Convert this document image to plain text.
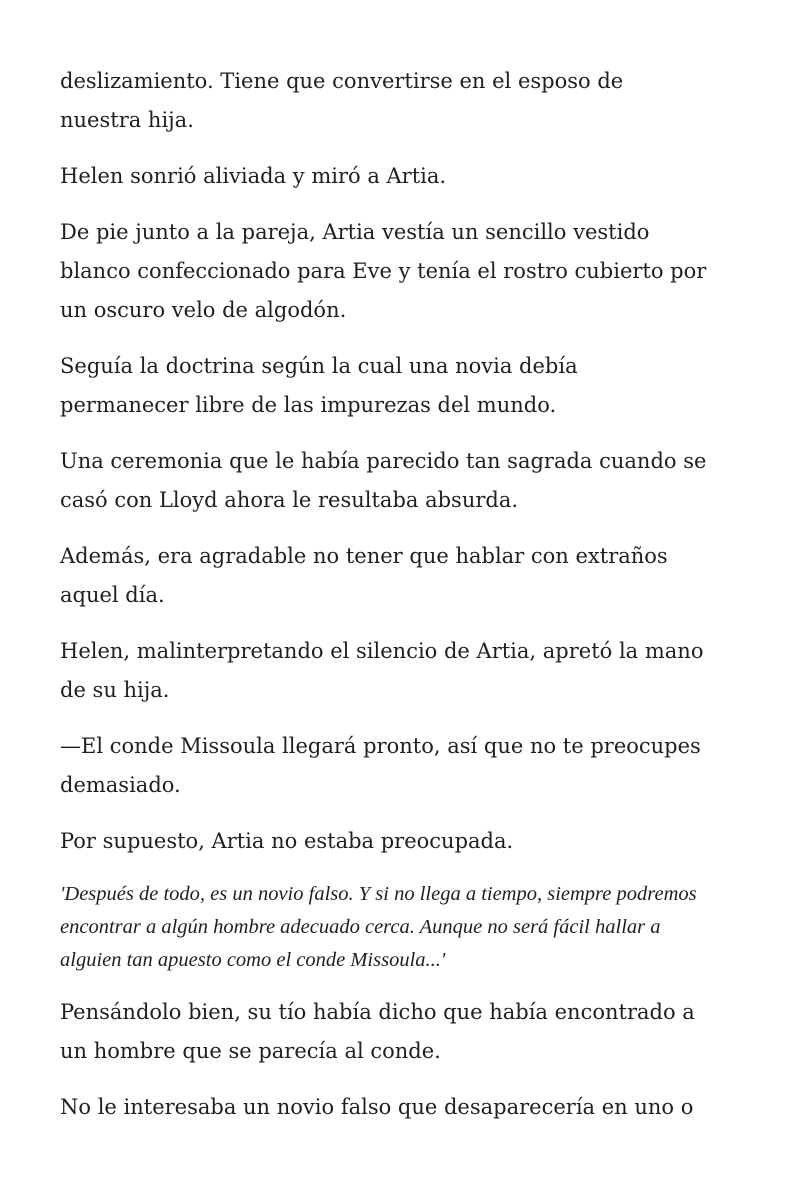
deslizamiento. Tiene que convertirse en el esposo de
nuestra hija.

Helen sonrió aliviada y miró a Artia.

De pie junto a la pareja, Artia vestía un sencillo vestido
blanco confeccionado para Eve y tenía el rostro cubierto por
un oscuro velo de algodón.

Seguía la doctrina según la cual una novia debía
permanecer libre de las impurezas del mundo.

Una ceremonia que le había parecido tan sagrada cuando se
casó con Lloyd ahora le resultaba absurda.

Además, era agradable no tener que hablar con extraños
aquel día.

Helen, malinterpretando el silencio de Artia, apretó la mano
de su hija.

—El conde Missoula llegará pronto, así que no te preocupes
demasiado.

Por supuesto, Artia no estaba preocupada.

'Después de todo, es un novio falso. Y si no llega a tiempo, siempre podremos
encontrar a algún hombre adecuado cerca. Aunque no será fácil hallar a
alguien tan apuesto como el conde Missoula...'

Pensándolo bien, su tío había dicho que había encontrado a
un hombre que se parecía al conde.

No le interesaba un novio falso que desaparecería en uno o
